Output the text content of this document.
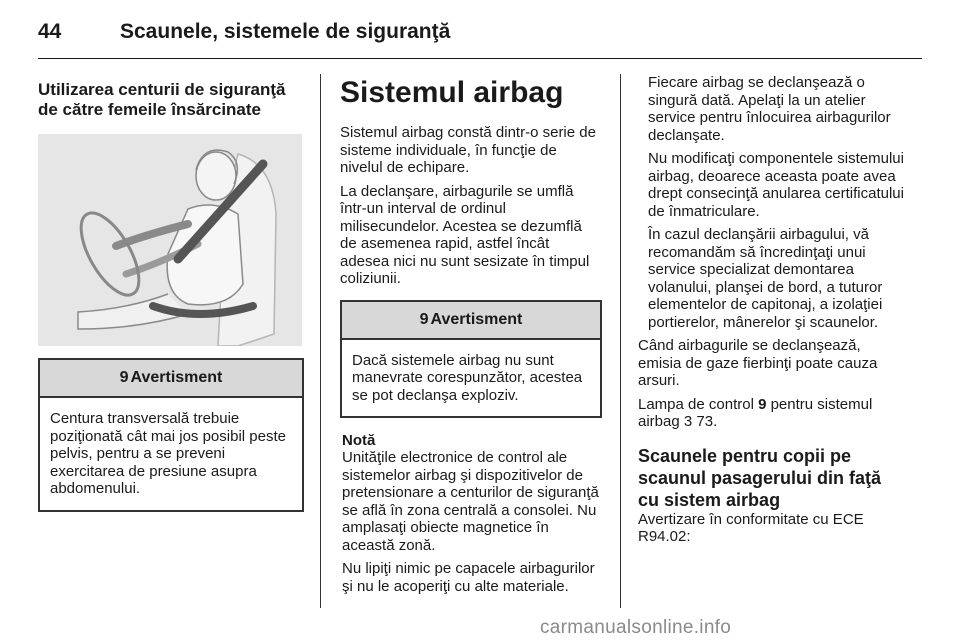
44	Scaunele, sistemele de siguranţă
Utilizarea centurii de siguranţă de către femeile însărcinate
9 Avertisment
Centura transversală trebuie poziţionată cât mai jos posibil peste pelvis, pentru a se preveni exercitarea de presiune asupra abdomenului.
Sistemul airbag

Sistemul airbag constă dintr-o serie de sisteme individuale, în funcţie de nivelul de echipare.

La declanşare, airbagurile se umflă într-un interval de ordinul milisecundelor. Acestea se dezumflă de asemenea rapid, astfel încât adesea nici nu sunt sesizate în timpul coliziunii.

9 Avertisment
Dacă sistemele airbag nu sunt manevrate corespunzător, acestea se pot declanşa exploziv.
Notă

Unităţile electronice de control ale sistemelor airbag şi dispozitivelor de pretensionare a centurilor de siguranţă se află în zona centrală a consolei. Nu amplasaţi obiecte magnetice în această zonă.

Nu lipiţi nimic pe capacele airbagurilor şi nu le acoperiţi cu alte materiale.

Fiecare airbag se declanşează o singură dată. Apelaţi la un atelier service pentru înlocuirea airbagurilor declanşate.

Nu modificaţi componentele sistemului airbag, deoarece aceasta poate avea drept consecinţă anularea certificatului de înmatriculare.

În cazul declanşării airbagului, vă recomandăm să încredinţaţi unui service specializat demontarea volanului, planşei de bord, a tuturor elementelor de capitonaj, a izolaţiei portierelor, mânerelor şi scaunelor.

Când airbagurile se declanşează, emisia de gaze fierbinţi poate cauza arsuri.

Lampa de control 9 pentru sistemul airbag 3 73.

Scaunele pentru copii pe scaunul pasagerului din faţă cu sistem airbag

Avertizare în conformitate cu ECE R94.02:

carmanualsonline.info
